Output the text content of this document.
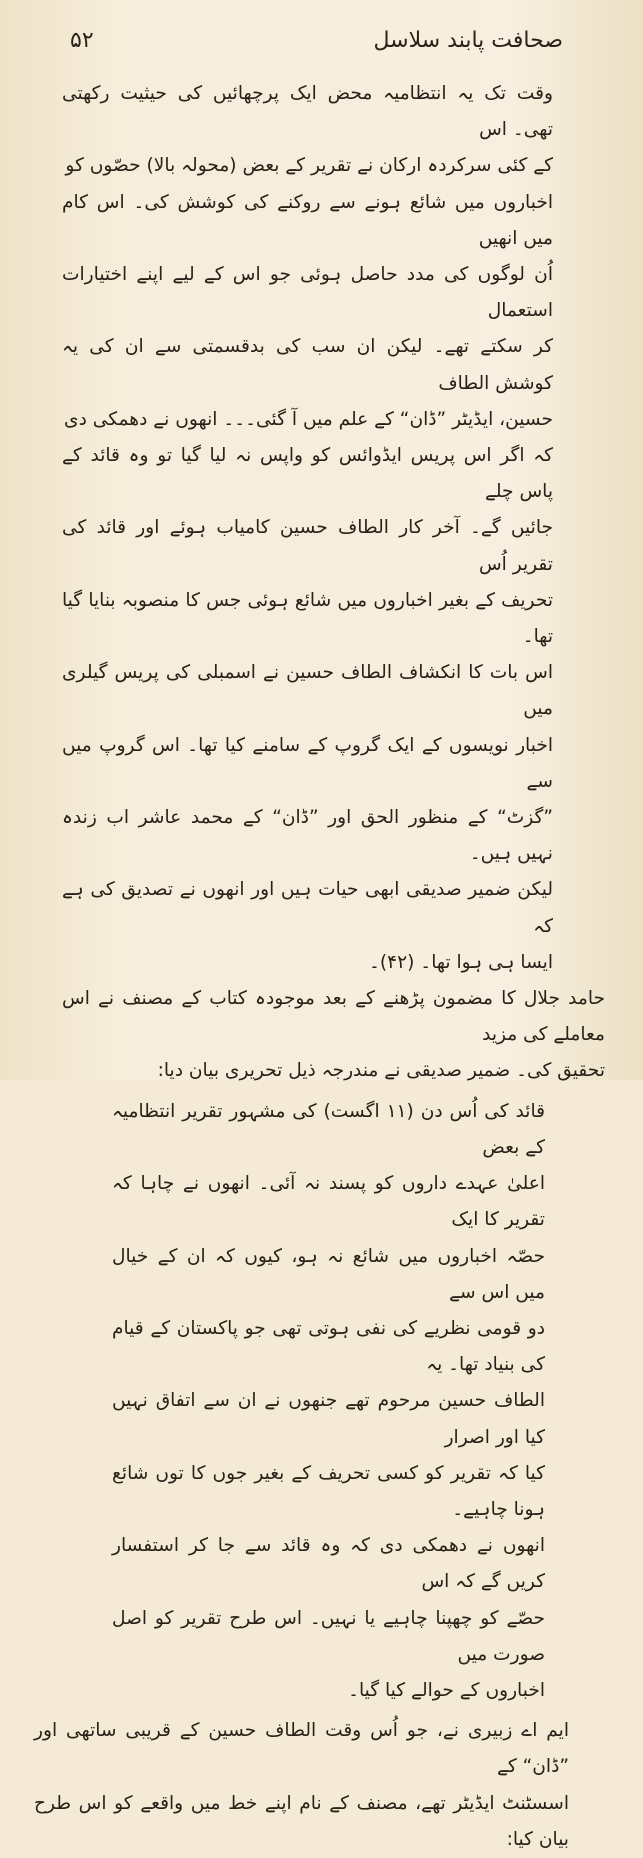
صحافت پابند سلاسل
۵۲

وقت تک یہ انتظامیہ محض ایک پرچھائیں کی حیثیت رکھتی تھی۔ اس
کے کئی سرکردہ ارکان نے تقریر کے بعض (محولہ بالا) حصّوں کو
اخباروں میں شائع ہونے سے روکنے کی کوشش کی۔ اس کام میں انھیں
اُن لوگوں کی مدد حاصل ہوئی جو اس کے لیے اپنے اختیارات استعمال
کر سکتے تھے۔ لیکن ان سب کی بدقسمتی سے ان کی یہ کوشش الطاف
حسین، ایڈیٹر ”ڈان“ کے علم میں آ گئی۔۔۔ انھوں نے دھمکی دی
کہ اگر اس پریس ایڈوائس کو واپس نہ لیا گیا تو وہ قائد کے پاس چلے
جائیں گے۔ آخر کار الطاف حسین کامیاب ہوئے اور قائد کی تقریر اُس
تحریف کے بغیر اخباروں میں شائع ہوئی جس کا منصوبہ بنایا گیا تھا۔
اس بات کا انکشاف الطاف حسین نے اسمبلی کی پریس گیلری میں
اخبار نویسوں کے ایک گروپ کے سامنے کیا تھا۔ اس گروپ میں سے
”گزٹ“ کے منظور الحق اور ”ڈان“ کے محمد عاشر اب زندہ نہیں ہیں۔
لیکن ضمیر صدیقی ابھی حیات ہیں اور انھوں نے تصدیق کی ہے کہ
ایسا ہی ہوا تھا۔ (۴۲)۔

حامد جلال کا مضمون پڑھنے کے بعد موجودہ کتاب کے مصنف نے اس معاملے کی مزید
تحقیق کی۔ ضمیر صدیقی نے مندرجہ ذیل تحریری بیان دیا:

قائد کی اُس دن (۱۱ اگست) کی مشہور تقریر انتظامیہ کے بعض
اعلیٰ عہدے داروں کو پسند نہ آئی۔ انھوں نے چاہا کہ تقریر کا ایک
حصّہ اخباروں میں شائع نہ ہو، کیوں کہ ان کے خیال میں اس سے
دو قومی نظریے کی نفی ہوتی تھی جو پاکستان کے قیام کی بنیاد تھا۔ یہ
الطاف حسین مرحوم تھے جنھوں نے ان سے اتفاق نہیں کیا اور اصرار
کیا کہ تقریر کو کسی تحریف کے بغیر جوں کا توں شائع ہونا چاہیے۔
انھوں نے دھمکی دی کہ وہ قائد سے جا کر استفسار کریں گے کہ اس
حصّے کو چھپنا چاہیے یا نہیں۔ اس طرح تقریر کو اصل صورت میں
اخباروں کے حوالے کیا گیا۔

ایم اے زبیری نے، جو اُس وقت الطاف حسین کے قریبی ساتھی اور ”ڈان“ کے
اسسٹنٹ ایڈیٹر تھے، مصنف کے نام اپنے خط میں واقعے کو اس طرح بیان کیا:
